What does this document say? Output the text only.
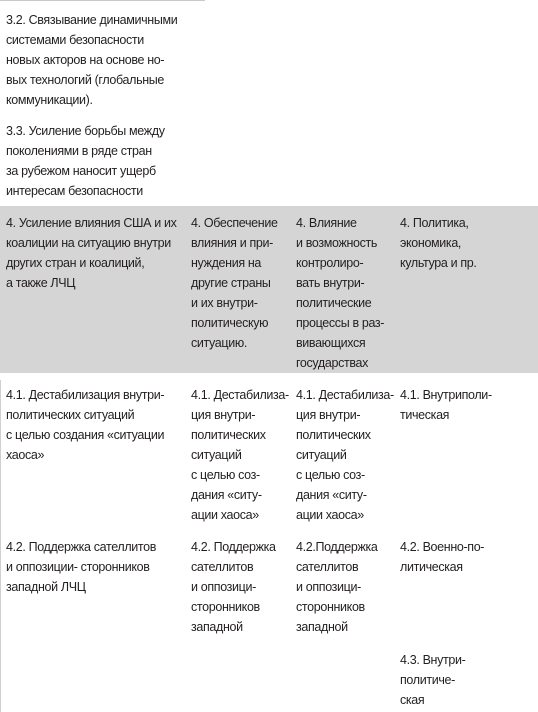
3.2. Связывание динамичными
системами безопасности
новых акторов на основе но-
вых технологий (глобальные
коммуникации).
3.3. Усиление борьбы между
поколениями в ряде стран
за рубежом наносит ущерб
интересам безопасности
4. Усиление влияния США и их
коалиции на ситуацию внутри
других стран и коалиций,
а также ЛЧЦ
4. Обеспечение
влияния и при-
нуждения на
другие страны
и их внутри-
политическую
ситуацию.
4. Влияние
и возможность
контролиро-
вать внутри-
политические
процессы в раз-
вивающихся
государствах
4. Политика,
экономика,
культура и пр.
4.1. Дестабилизация внутри-
политических ситуаций
с целью создания «ситуации
хаоса»
4.1. Дестабилиза-
ция внутри-
политических
ситуаций
с целью соз-
дания «ситу-
ации хаоса»
4.1. Дестабилиза-
ция внутри-
политических
ситуаций
с целью соз-
дания «ситу-
ации хаоса»
4.1. Внутриполи-
тическая
4.2. Поддержка сателлитов
и оппозиции- сторонников
западной ЛЧЦ
4.2. Поддержка
сателлитов
и оппозици-
сторонников
западной
4.2.Поддержка
сателлитов
и оппозици-
сторонников
западной
4.2. Военно-по-
литическая
4.3. Внутри-
политиче-
ская
